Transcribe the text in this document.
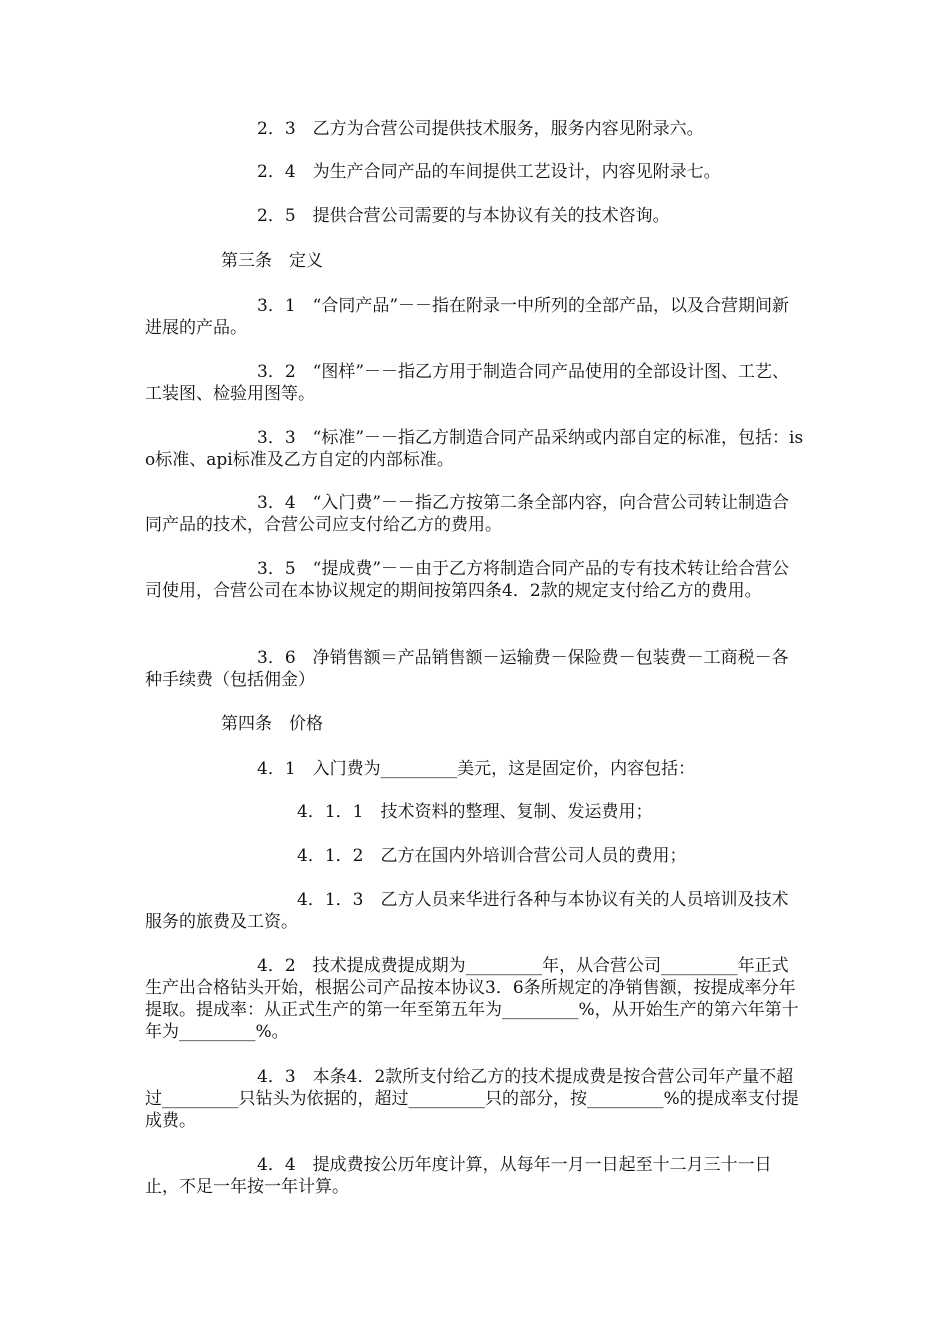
2．3　乙方为合营公司提供技术服务，服务内容见附录六。

2．4　为生产合同产品的车间提供工艺设计，内容见附录七。

2．5　提供合营公司需要的与本协议有关的技术咨询。

第三条　定义

3．1　“合同产品”－－指在附录一中所列的全部产品，以及合营期间新进展的产品。

3．2　“图样”－－指乙方用于制造合同产品使用的全部设计图、工艺、工装图、检验用图等。

3．3　“标准”－－指乙方制造合同产品采纳或内部自定的标准，包括：iso标准、api标准及乙方自定的内部标准。

3．4　“入门费”－－指乙方按第二条全部内容，向合营公司转让制造合同产品的技术，合营公司应支付给乙方的费用。

3．5　“提成费”－－由于乙方将制造合同产品的专有技术转让给合营公司使用，合营公司在本协议规定的期间按第四条4．2款的规定支付给乙方的费用。

3．6　净销售额＝产品销售额－运输费－保险费－包装费－工商税－各种手续费（包括佣金）

第四条　价格

4．1　入门费为_________美元，这是固定价，内容包括：

4．1．1　技术资料的整理、复制、发运费用；

4．1．2　乙方在国内外培训合营公司人员的费用；

4．1．3　乙方人员来华进行各种与本协议有关的人员培训及技术服务的旅费及工资。

4．2　技术提成费提成期为_________年，从合营公司_________年正式生产出合格钻头开始，根据公司产品按本协议3．6条所规定的净销售额，按提成率分年提取。提成率：从正式生产的第一年至第五年为_________%，从开始生产的第六年第十年为_________%。

4．3　本条4．2款所支付给乙方的技术提成费是按合营公司年产量不超过_________只钻头为依据的，超过_________只的部分，按_________%的提成率支付提成费。

4．4　提成费按公历年度计算，从每年一月一日起至十二月三十一日止，不足一年按一年计算。
